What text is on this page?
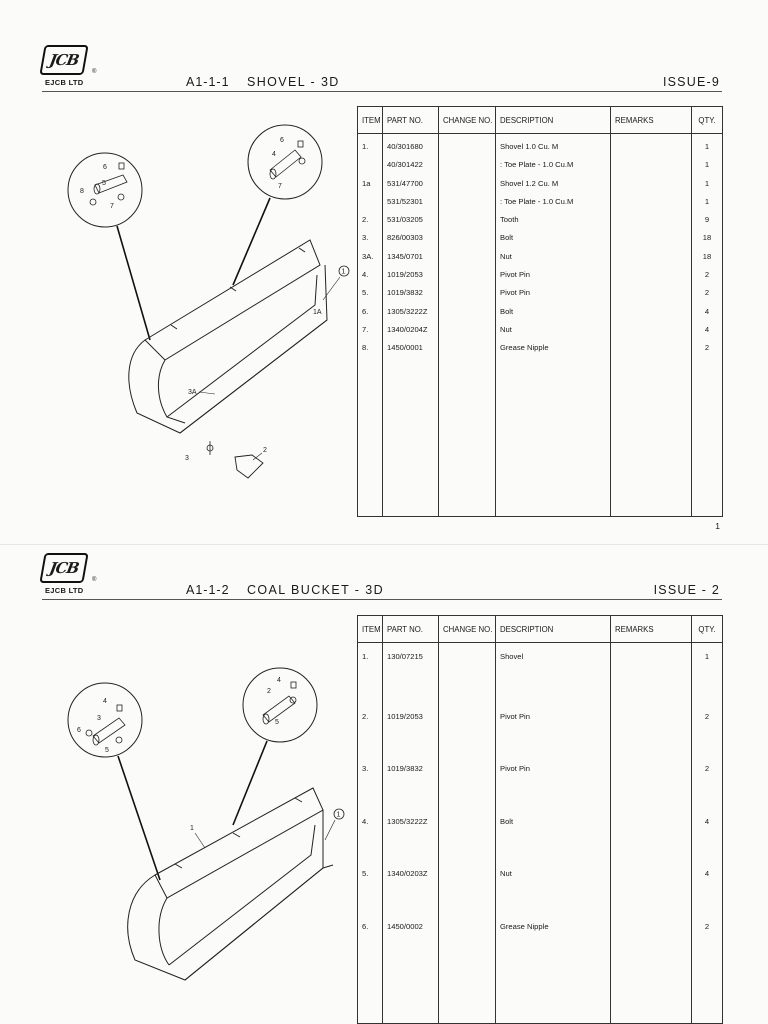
JCB
®
EJCB LTD	A1-1-1 SHOVEL - 3D	ISSUE-9
6
8
5
7
6
4
7
1A
1
3A
3
2
ITEM	PART NO.	CHANGE NO.	DESCRIPTION	REMARKS	QTY.
1.	40/301680		Shovel 1.0 Cu. M		1
	40/301422		: Toe Plate - 1.0 Cu.M		1
1a	531/47700		Shovel 1.2 Cu. M		1
	531/52301		: Toe Plate - 1.0 Cu.M		1
2.	531/03205		Tooth		9
3.	826/00303		Bolt		18
3A.	1345/0701		Nut		18
4.	1019/2053		Pivot Pin		2
5.	1019/3832		Pivot Pin		2
6.	1305/3222Z		Bolt		4
7.	1340/0204Z		Nut		4
8.	1450/0001		Grease Nipple		2

1
JCB
®
EJCB LTD	A1-1-2 COAL BUCKET - 3D	ISSUE - 2
4
3
6
5
4
2
5
1
1
ITEM	PART NO.	CHANGE NO.	DESCRIPTION	REMARKS	QTY.
1.	130/07215		Shovel		1
2.	1019/2053		Pivot Pin		2
3.	1019/3832		Pivot Pin		2
4.	1305/3222Z		Bolt		4
5.	1340/0203Z		Nut		4
6.	1450/0002		Grease Nipple		2
